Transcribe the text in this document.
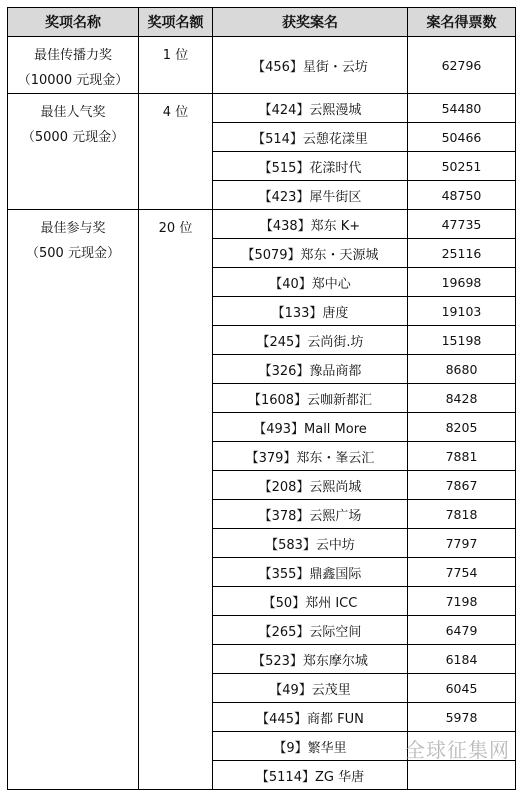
奖项名称	奖项名额	获奖案名	案名得票数

最佳传播力奖
（10000 元现金）	1 位	【456】星街・云坊	62796

最佳人气奖
（5000 元现金）	4 位	【424】云熙漫城	54480
		【514】云憩花漾里	50466
		【515】花漾时代	50251
		【423】犀牛街区	48750

最佳参与奖
（500 元现金）	20 位	【438】郑东 K+	47735
		【5079】郑东・天源城	25116
		【40】郑中心	19698
		【133】唐度	19103
		【245】云尚街.坊	15198
		【326】豫品商都	8680
		【1608】云咖新都汇	8428
		【493】Mall More	8205
		【379】郑东・峯云汇	7881
		【208】云熙尚城	7867
		【378】云熙广场	7818
		【583】云中坊	7797
		【355】鼎鑫国际	7754
		【50】郑州 ICC	7198
		【265】云际空间	6479
		【523】郑东摩尔城	6184
		【49】云茂里	6045
		【445】商都 FUN	5978
		【9】繁华里	
		【5114】ZG 华唐	
全球征集网
